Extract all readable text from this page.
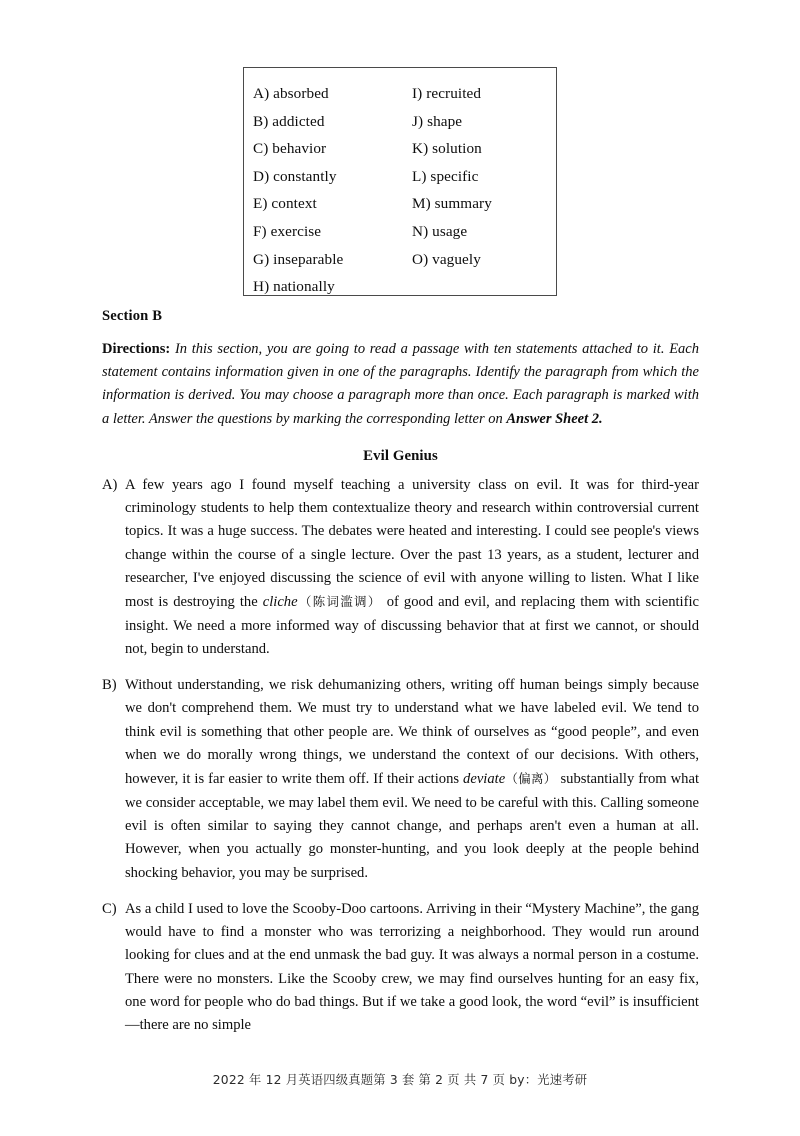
A) absorbed	I) recruited
B) addicted	J) shape
C) behavior	K) solution
D) constantly	L) specific
E) context	M) summary
F) exercise	N) usage
G) inseparable	O) vaguely
H) nationally
Section B

Directions: In this section, you are going to read a passage with ten statements attached to it. Each statement contains information given in one of the paragraphs. Identify the paragraph from which the information is derived. You may choose a paragraph more than once. Each paragraph is marked with a letter. Answer the questions by marking the corresponding letter on Answer Sheet 2.

Evil Genius
A) A few years ago I found myself teaching a university class on evil. It was for third-year criminology students to help them contextualize theory and research within controversial current topics. It was a huge success. The debates were heated and interesting. I could see people's views change within the course of a single lecture. Over the past 13 years, as a student, lecturer and researcher, I've enjoyed discussing the science of evil with anyone willing to listen. What I like most is destroying the cliche（陈词滥调） of good and evil, and replacing them with scientific insight. We need a more informed way of discussing behavior that at first we cannot, or should not, begin to understand.
B) Without understanding, we risk dehumanizing others, writing off human beings simply because we don't comprehend them. We must try to understand what we have labeled evil. We tend to think evil is something that other people are. We think of ourselves as “good people”, and even when we do morally wrong things, we understand the context of our decisions. With others, however, it is far easier to write them off. If their actions deviate（偏离） substantially from what we consider acceptable, we may label them evil. We need to be careful with this. Calling someone evil is often similar to saying they cannot change, and perhaps aren't even a human at all. However, when you actually go monster-hunting, and you look deeply at the people behind shocking behavior, you may be surprised.
C) As a child I used to love the Scooby-Doo cartoons. Arriving in their “Mystery Machine”, the gang would have to find a monster who was terrorizing a neighborhood. They would run around looking for clues and at the end unmask the bad guy. It was always a normal person in a costume. There were no monsters. Like the Scooby crew, we may find ourselves hunting for an easy fix, one word for people who do bad things. But if we take a good look, the word “evil” is insufficient—there are no simple
2022 年 12 月英语四级真题第 3 套 第 2 页 共 7 页 by：光速考研
